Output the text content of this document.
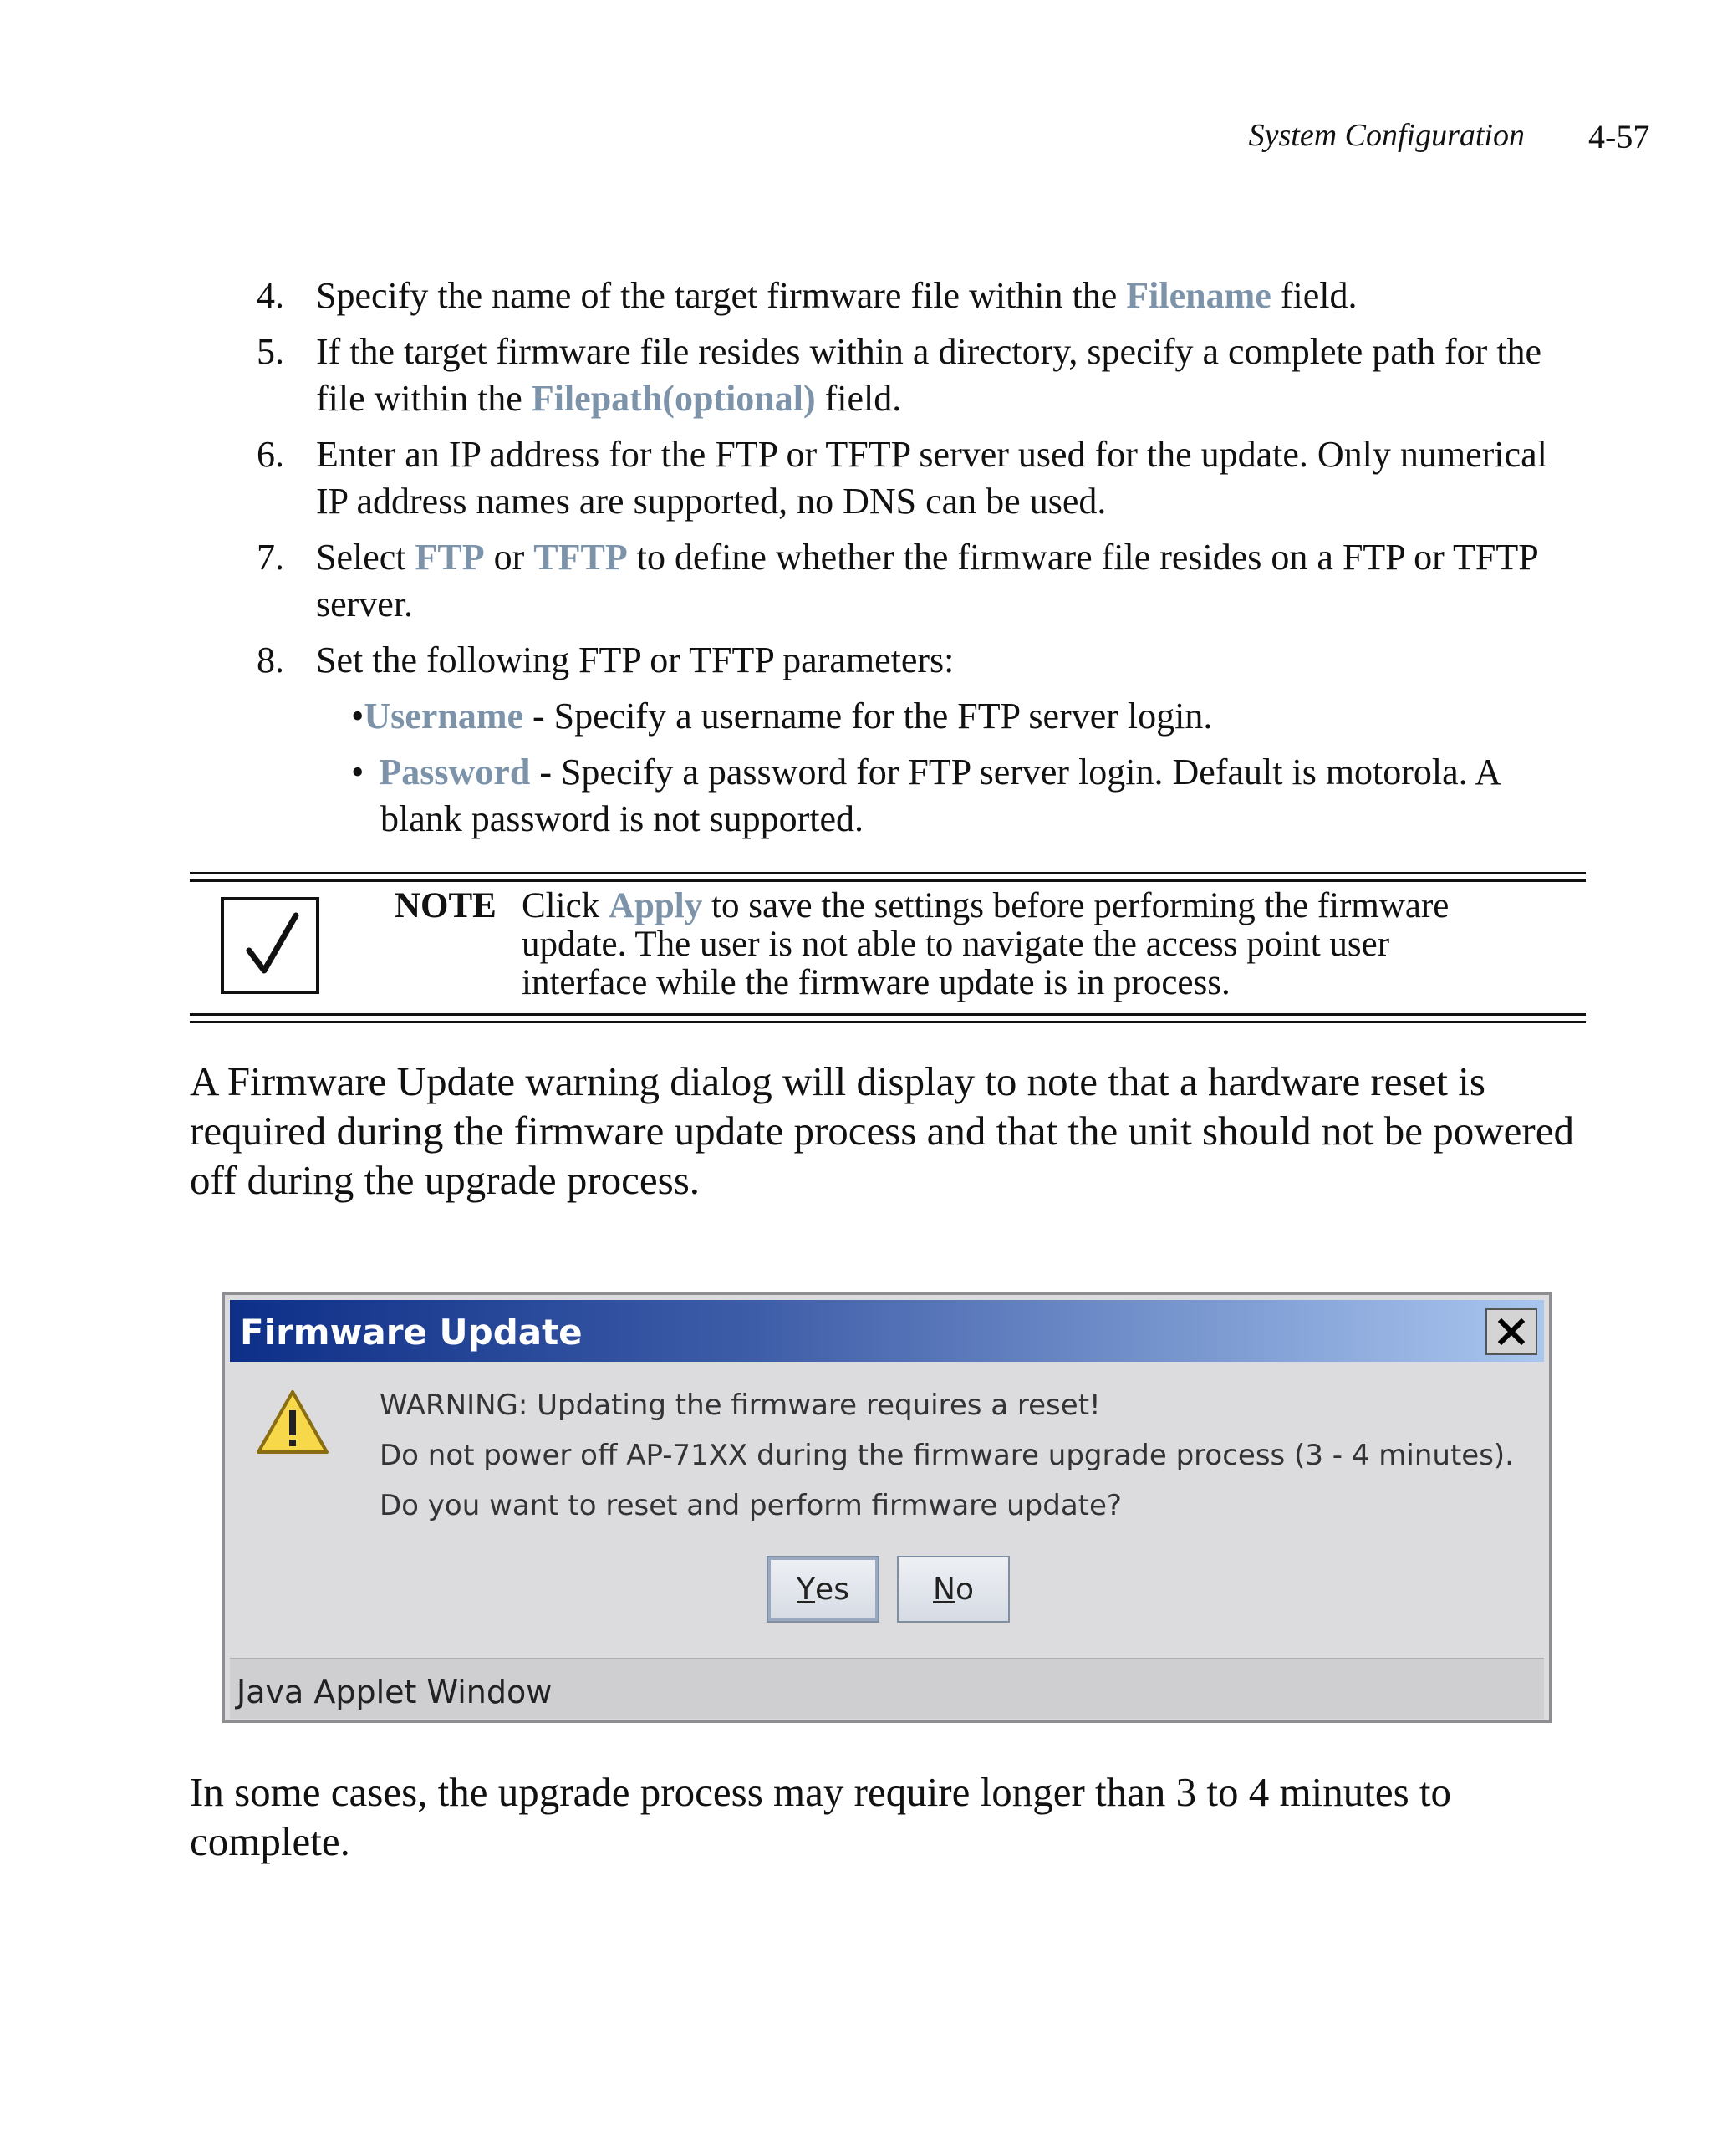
System Configuration 4-57
4. Specify the name of the target firmware file within the Filename field.
5. If the target firmware file resides within a directory, specify a complete path for the
file within the Filepath(optional) field.
6. Enter an IP address for the FTP or TFTP server used for the update. Only numerical
IP address names are supported, no DNS can be used.
7. Select FTP or TFTP to define whether the firmware file resides on a FTP or TFTP
server.
8. Set the following FTP or TFTP parameters:
•Username - Specify a username for the FTP server login.
• Password - Specify a password for FTP server login. Default is motorola. A
blank password is not supported.
NOTE Click Apply to save the settings before performing the firmware
update. The user is not able to navigate the access point user
interface while the firmware update is in process.
A Firmware Update warning dialog will display to note that a hardware reset is
required during the firmware update process and that the unit should not be powered
off during the upgrade process.
Firmware Update
WARNING: Updating the firmware requires a reset!
Do not power off AP-71XX during the firmware upgrade process (3 - 4 minutes).
Do you want to reset and perform firmware update?
Y es	N o
Java Applet Window
In some cases, the upgrade process may require longer than 3 to 4 minutes to
complete.
